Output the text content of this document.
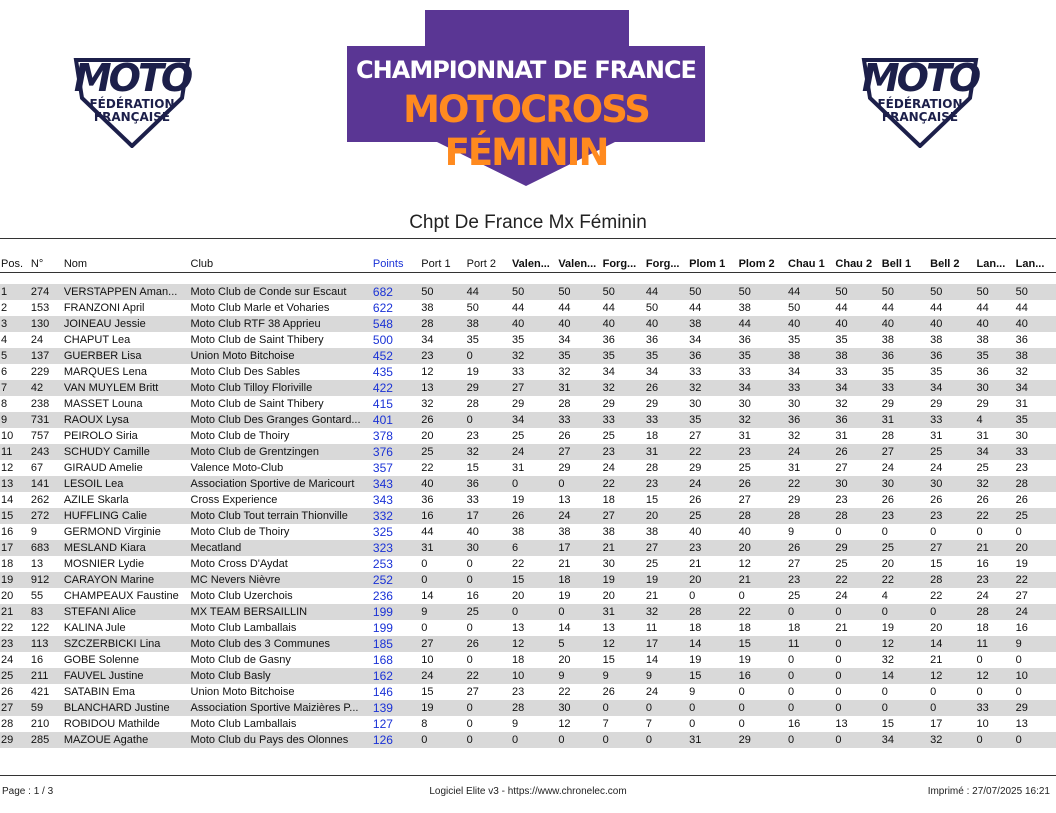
MOTO
FÉDÉRATION
FRANÇAISE
MOTO
FÉDÉRATION
FRANÇAISE
CHAMPIONNAT DE FRANCE
MOTOCROSS FÉMININ
Chpt De France Mx Féminin
Pos.	N°	Nom	Club	Points	Port 1	Port 2	Valen...	Valen...	Forg...	Forg...	Plom 1	Plom 2	Chau 1	Chau 2	Bell 1	Bell 2	Lan...	Lan...

1	274	VERSTAPPEN Aman...	Moto Club de Conde sur Escaut	682	50	44	50	50	50	44	50	50	44	50	50	50	50	50
2	153	FRANZONI April	Moto Club Marle et Voharies	622	38	50	44	44	44	50	44	38	50	44	44	44	44	44
3	130	JOINEAU Jessie	Moto Club RTF 38 Apprieu	548	28	38	40	40	40	40	38	44	40	40	40	40	40	40
4	24	CHAPUT Lea	Moto Club de Saint Thibery	500	34	35	35	34	36	36	34	36	35	35	38	38	38	36
5	137	GUERBER Lisa	Union Moto Bitchoise	452	23	0	32	35	35	35	36	35	38	38	36	36	35	38
6	229	MARQUES Lena	Moto Club Des Sables	435	12	19	33	32	34	34	33	33	34	33	35	35	36	32
7	42	VAN MUYLEM Britt	Moto Club Tilloy Floriville	422	13	29	27	31	32	26	32	34	33	34	33	34	30	34
8	238	MASSET Louna	Moto Club de Saint Thibery	415	32	28	29	28	29	29	30	30	30	32	29	29	29	31
9	731	RAOUX Lysa	Moto Club Des Granges Gontard...	401	26	0	34	33	33	33	35	32	36	36	31	33	4	35
10	757	PEIROLO Siria	Moto Club de Thoiry	378	20	23	25	26	25	18	27	31	32	31	28	31	31	30
11	243	SCHUDY Camille	Moto Club de Grentzingen	376	25	32	24	27	23	31	22	23	24	26	27	25	34	33
12	67	GIRAUD Amelie	Valence Moto-Club	357	22	15	31	29	24	28	29	25	31	27	24	24	25	23
13	141	LESOIL Lea	Association Sportive de Maricourt	343	40	36	0	0	22	23	24	26	22	30	30	30	32	28
14	262	AZILE Skarla	Cross Experience	343	36	33	19	13	18	15	26	27	29	23	26	26	26	26
15	272	HUFFLING Calie	Moto Club Tout terrain Thionville	332	16	17	26	24	27	20	25	28	28	28	23	23	22	25
16	9	GERMOND Virginie	Moto Club de Thoiry	325	44	40	38	38	38	38	40	40	9	0	0	0	0	0
17	683	MESLAND Kiara	Mecatland	323	31	30	6	17	21	27	23	20	26	29	25	27	21	20
18	13	MOSNIER Lydie	Moto Cross D'Aydat	253	0	0	22	21	30	25	21	12	27	25	20	15	16	19
19	912	CARAYON Marine	MC Nevers Nièvre	252	0	0	15	18	19	19	20	21	23	22	22	28	23	22
20	55	CHAMPEAUX Faustine	Moto Club Uzerchois	236	14	16	20	19	20	21	0	0	25	24	4	22	24	27
21	83	STEFANI Alice	MX TEAM BERSAILLIN	199	9	25	0	0	31	32	28	22	0	0	0	0	28	24
22	122	KALINA Jule	Moto Club Lamballais	199	0	0	13	14	13	11	18	18	18	21	19	20	18	16
23	113	SZCZERBICKI Lina	Moto Club des 3 Communes	185	27	26	12	5	12	17	14	15	11	0	12	14	11	9
24	16	GOBE Solenne	Moto Club de Gasny	168	10	0	18	20	15	14	19	19	0	0	32	21	0	0
25	211	FAUVEL Justine	Moto Club Basly	162	24	22	10	9	9	9	15	16	0	0	14	12	12	10
26	421	SATABIN Ema	Union Moto Bitchoise	146	15	27	23	22	26	24	9	0	0	0	0	0	0	0
27	59	BLANCHARD Justine	Association Sportive Maizières P...	139	19	0	28	30	0	0	0	0	0	0	0	0	33	29
28	210	ROBIDOU Mathilde	Moto Club Lamballais	127	8	0	9	12	7	7	0	0	16	13	15	17	10	13
29	285	MAZOUE Agathe	Moto Club du Pays des Olonnes	126	0	0	0	0	0	0	31	29	0	0	34	32	0	0
Page : 1 / 3	Logiciel Elite v3 - https://www.chronelec.com	Imprimé : 27/07/2025 16:21
